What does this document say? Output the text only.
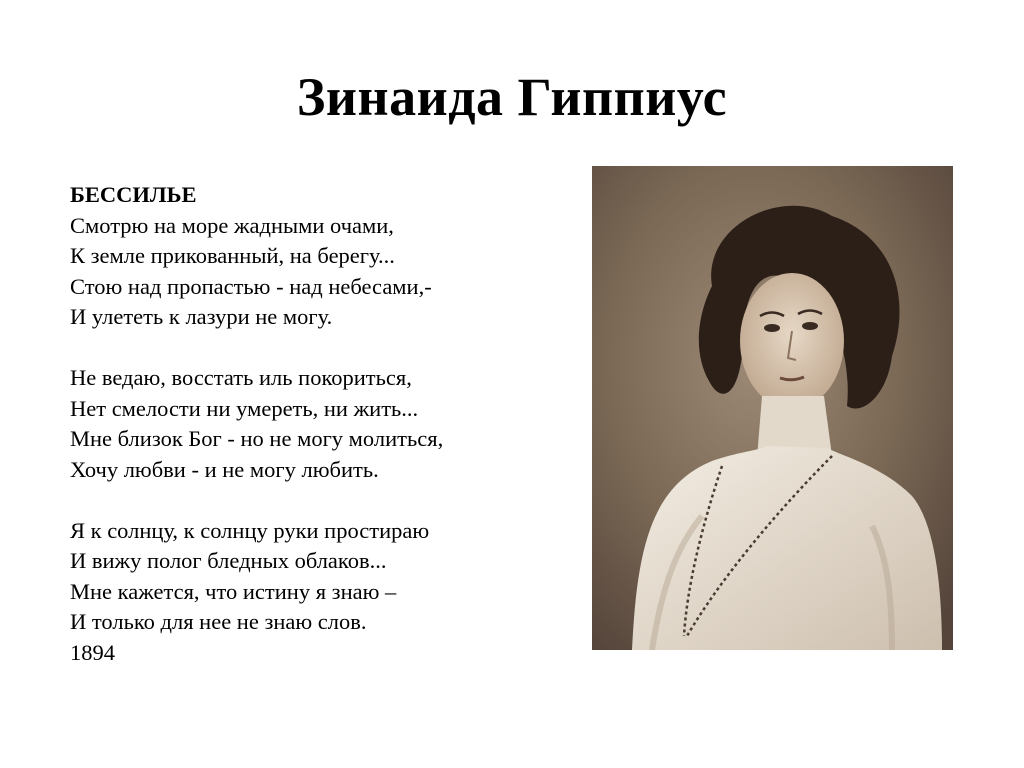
Зинаида Гиппиус
БЕССИЛЬЕ
Смотрю на море жадными очами,
К земле прикованный, на берегу...
Стою над пропастью - над небесами,-
И улететь к лазури не могу.
Не ведаю, восстать иль покориться,
Нет смелости ни умереть, ни жить...
Мне близок Бог - но не могу молиться,
Хочу любви - и не могу любить.
Я к солнцу, к солнцу руки простираю
И вижу полог бледных облаков...
Мне кажется, что истину я знаю –
И только для нее не знаю слов.
1894
